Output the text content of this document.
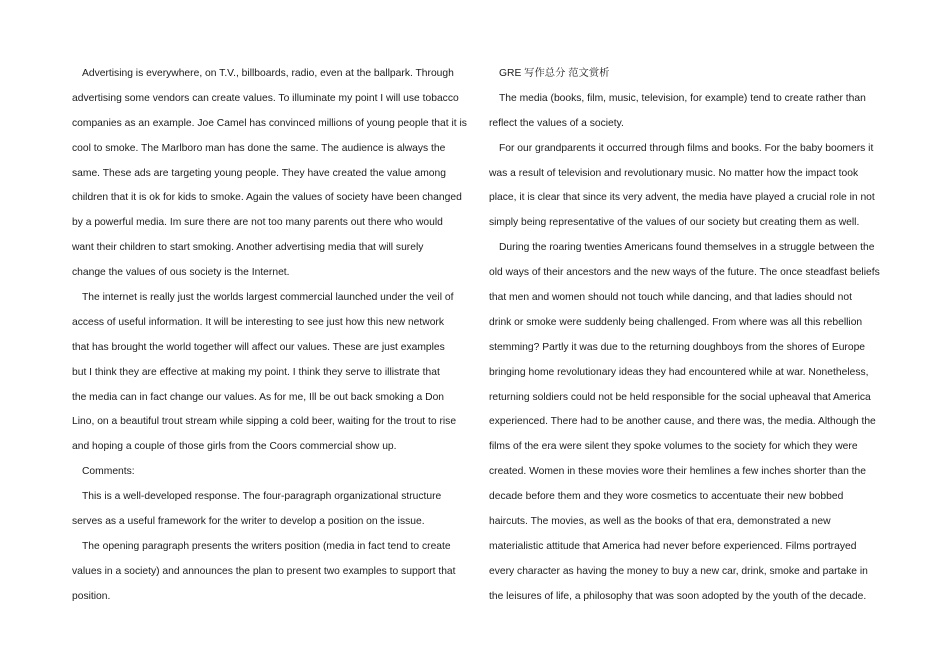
Advertising is everywhere, on T.V., billboards, radio, even at the ballpark. Through
advertising some vendors can create values. To illuminate my point I will use tobacco
companies as an example. Joe Camel has convinced millions of young people that it is
cool to smoke. The Marlboro man has done the same. The audience is always the
same. These ads are targeting young people. They have created the value among
children that it is ok for kids to smoke. Again the values of society have been changed
by a powerful media. Im sure there are not too many parents out there who would
want their children to start smoking. Another advertising media that will surely
change the values of ous society is the Internet.
The internet is really just the worlds largest commercial launched under the veil of
access of useful information. It will be interesting to see just how this new network
that has brought the world together will affect our values. These are just examples
but I think they are effective at making my point. I think they serve to illistrate that
the media can in fact change our values. As for me, Ill be out back smoking a Don
Lino, on a beautiful trout stream while sipping a cold beer, waiting for the trout to rise
and hoping a couple of those girls from the Coors commercial show up.
Comments:
This is a well-developed response. The four-paragraph organizational structure
serves as a useful framework for the writer to develop a position on the issue.
The opening paragraph presents the writers position (media in fact tend to create
values in a society) and announces the plan to present two examples to support that
position.
GRE 写作总分 范文赏析
The media (books, film, music, television, for example) tend to create rather than
reflect the values of a society.
For our grandparents it occurred through films and books. For the baby boomers it
was a result of television and revolutionary music. No matter how the impact took
place, it is clear that since its very advent, the media have played a crucial role in not
simply being representative of the values of our society but creating them as well.
During the roaring twenties Americans found themselves in a struggle between the
old ways of their ancestors and the new ways of the future. The once steadfast beliefs
that men and women should not touch while dancing, and that ladies should not
drink or smoke were suddenly being challenged. From where was all this rebellion
stemming? Partly it was due to the returning doughboys from the shores of Europe
bringing home revolutionary ideas they had encountered while at war. Nonetheless,
returning soldiers could not be held responsible for the social upheaval that America
experienced. There had to be another cause, and there was, the media. Although the
films of the era were silent they spoke volumes to the society for which they were
created. Women in these movies wore their hemlines a few inches shorter than the
decade before them and they wore cosmetics to accentuate their new bobbed
haircuts. The movies, as well as the books of that era, demonstrated a new
materialistic attitude that America had never before experienced. Films portrayed
every character as having the money to buy a new car, drink, smoke and partake in
the leisures of life, a philosophy that was soon adopted by the youth of the decade.
